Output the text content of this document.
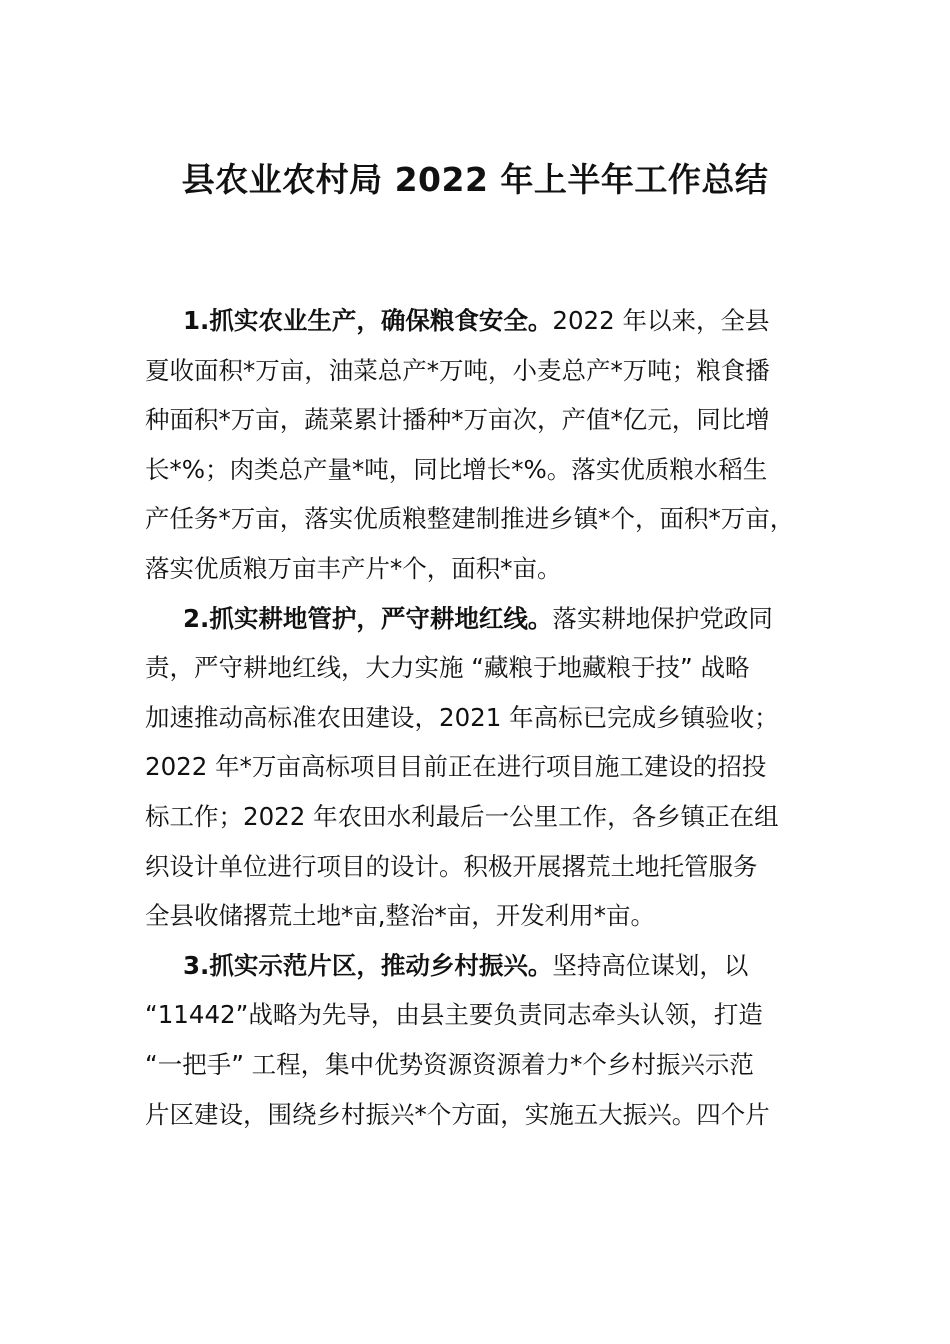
县农业农村局 2022 年上半年工作总结

1.抓实农业生产，确保粮食安全。2022 年以来，全县
夏收面积*万亩，油菜总产*万吨，小麦总产*万吨；粮食播
种面积*万亩，蔬菜累计播种*万亩次，产值*亿元，同比增
长*%；肉类总产量*吨，同比增长*%。落实优质粮水稻生
产任务*万亩，落实优质粮整建制推进乡镇*个，面积*万亩，
落实优质粮万亩丰产片*个，面积*亩。

2.抓实耕地管护，严守耕地红线。落实耕地保护党政同
责，严守耕地红线，大力实施 “藏粮于地藏粮于技” 战略
加速推动高标准农田建设，2021 年高标已完成乡镇验收；
2022 年*万亩高标项目目前正在进行项目施工建设的招投
标工作；2022 年农田水利最后一公里工作，各乡镇正在组
织设计单位进行项目的设计。积极开展撂荒土地托管服务
全县收储撂荒土地*亩,整治*亩，开发利用*亩。

3.抓实示范片区，推动乡村振兴。坚持高位谋划，以
“11442”战略为先导，由县主要负责同志牵头认领，打造
“一把手” 工程，集中优势资源资源着力*个乡村振兴示范
片区建设，围绕乡村振兴*个方面，实施五大振兴。四个片
